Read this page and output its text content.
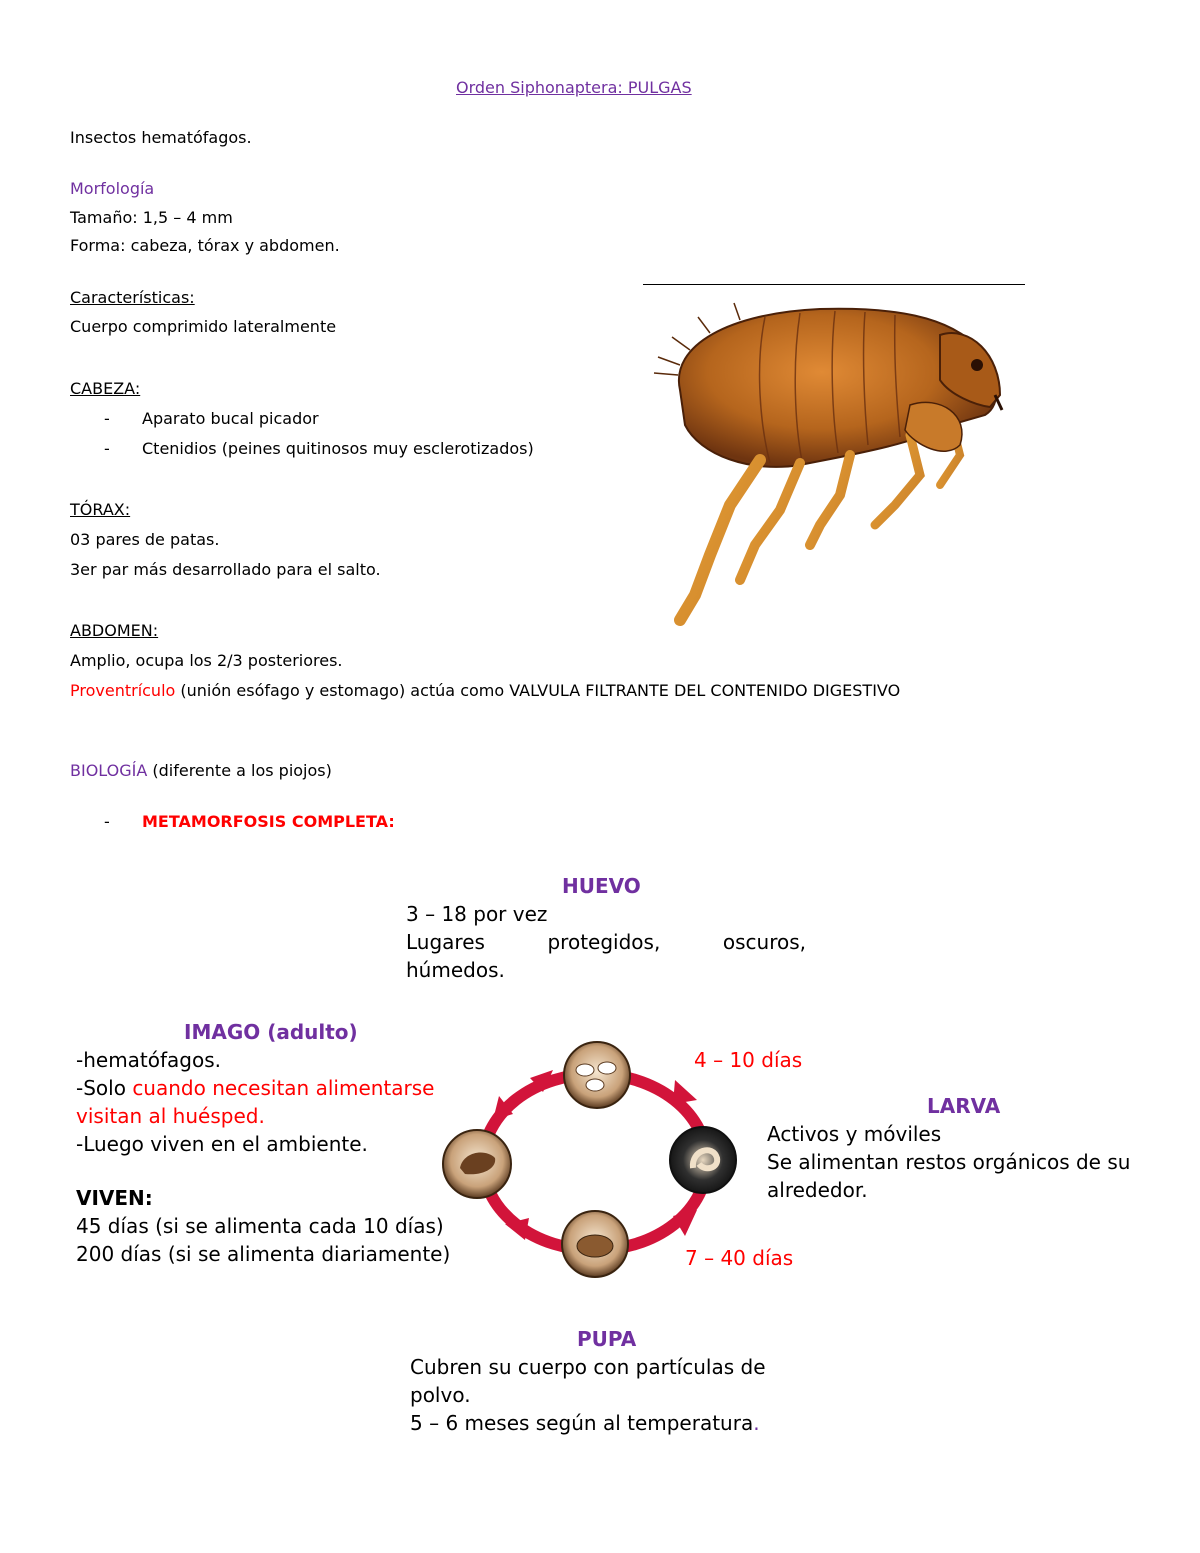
Orden Siphonaptera: PULGAS
Insectos hematófagos.
Morfología
Tamaño: 1,5 – 4 mm
Forma: cabeza, tórax y abdomen.
Características:
Cuerpo comprimido lateralmente
CABEZA:
- Aparato bucal picador
- Ctenidios (peines quitinosos muy esclerotizados)
TÓRAX:
03 pares de patas.
3er par más desarrollado para el salto.
ABDOMEN:
Amplio, ocupa los 2/3 posteriores.
Proventrículo (unión esófago y estomago) actúa como VALVULA FILTRANTE DEL CONTENIDO DIGESTIVO
BIOLOGÍA (diferente a los piojos)
- METAMORFOSIS COMPLETA:
HUEVO
3 – 18 por vez
Lugares	protegidos,	oscuros,
húmedos.
IMAGO (adulto)
-hematófagos.
-Solo cuando necesitan alimentarse
visitan al huésped.
-Luego viven en el ambiente.
VIVEN:
45 días (si se alimenta cada 10 días)
200 días (si se alimenta diariamente)
4 – 10 días
7 – 40 días
LARVA
Activos y móviles
Se alimentan restos orgánicos de su
alrededor.
PUPA
Cubren su cuerpo con partículas de
polvo.
5 – 6 meses según al temperatura.
